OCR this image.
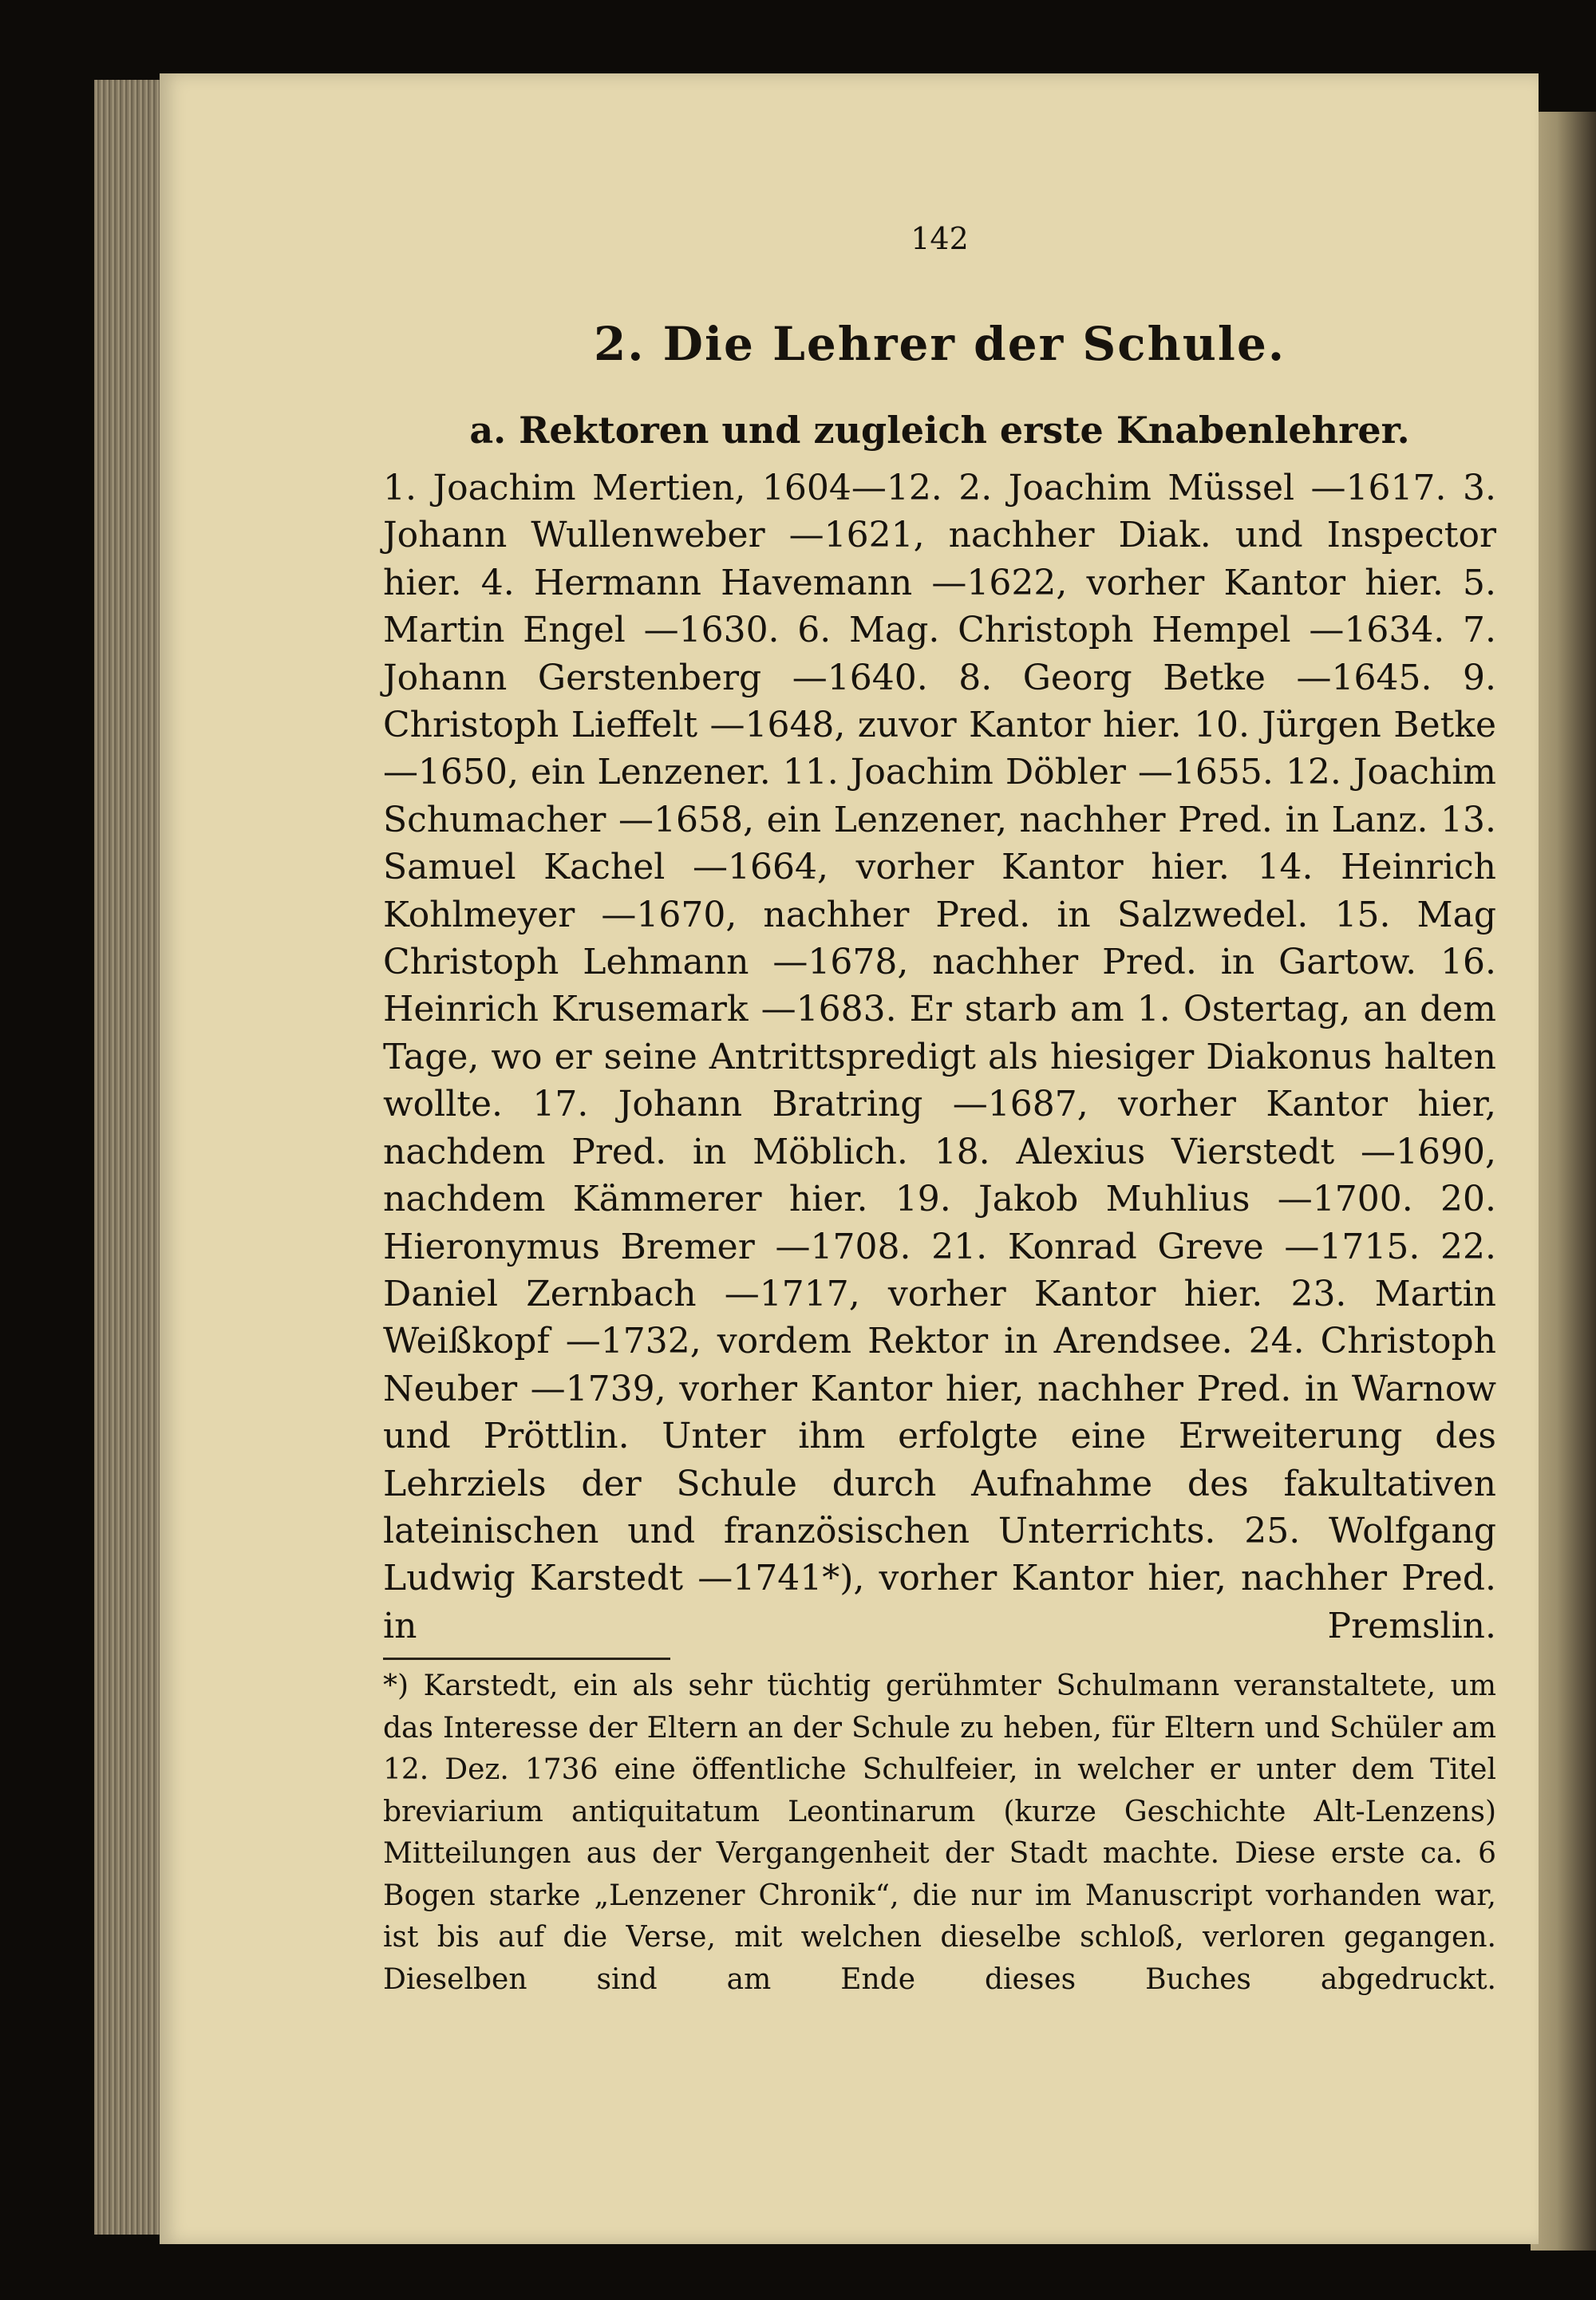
142
2. Die Lehrer der Schule.
a. Rektoren und zugleich erste Knabenlehrer.

1. Joachim Mertien, 1604—12. 2. Joachim Müssel —1617. 3. Johann Wullenweber —1621, nachher Diak. und Inspector hier. 4. Hermann Havemann —1622, vorher Kantor hier. 5. Martin Engel —1630. 6. Mag. Christoph Hempel —1634. 7. Johann Gerstenberg —1640. 8. Georg Betke —1645. 9. Christoph Lieffelt —1648, zuvor Kantor hier. 10. Jürgen Betke —1650, ein Lenzener. 11. Joachim Döbler —1655. 12. Joachim Schumacher —1658, ein Lenzener, nachher Pred. in Lanz. 13. Samuel Kachel —1664, vorher Kantor hier. 14. Heinrich Kohlmeyer —1670, nachher Pred. in Salzwedel. 15. Mag Christoph Lehmann —1678, nachher Pred. in Gartow. 16. Heinrich Krusemark —1683. Er starb am 1. Ostertag, an dem Tage, wo er seine Antrittspredigt als hiesiger Diakonus halten wollte. 17. Johann Bratring —1687, vorher Kantor hier, nachdem Pred. in Möblich. 18. Alexius Vierstedt —1690, nachdem Kämmerer hier. 19. Jakob Muhlius —1700. 20. Hieronymus Bremer —1708. 21. Konrad Greve —1715. 22. Daniel Zernbach —1717, vorher Kantor hier. 23. Martin Weißkopf —1732, vordem Rektor in Arendsee. 24. Christoph Neuber —1739, vorher Kantor hier, nachher Pred. in Warnow und Pröttlin. Unter ihm erfolgte eine Erweiterung des Lehrziels der Schule durch Aufnahme des fakultativen lateinischen und französischen Unterrichts. 25. Wolfgang Ludwig Karstedt —1741*), vorher Kantor hier, nachher Pred. in Premslin.

*) Karstedt, ein als sehr tüchtig gerühmter Schulmann veranstaltete, um das Interesse der Eltern an der Schule zu heben, für Eltern und Schüler am 12. Dez. 1736 eine öffentliche Schulfeier, in welcher er unter dem Titel breviarium antiquitatum Leontinarum (kurze Geschichte Alt-Lenzens) Mitteilungen aus der Vergangenheit der Stadt machte. Diese erste ca. 6 Bogen starke „Lenzener Chronik“, die nur im Manuscript vorhanden war, ist bis auf die Verse, mit welchen dieselbe schloß, verloren gegangen. Dieselben sind am Ende dieses Buches abgedruckt.
